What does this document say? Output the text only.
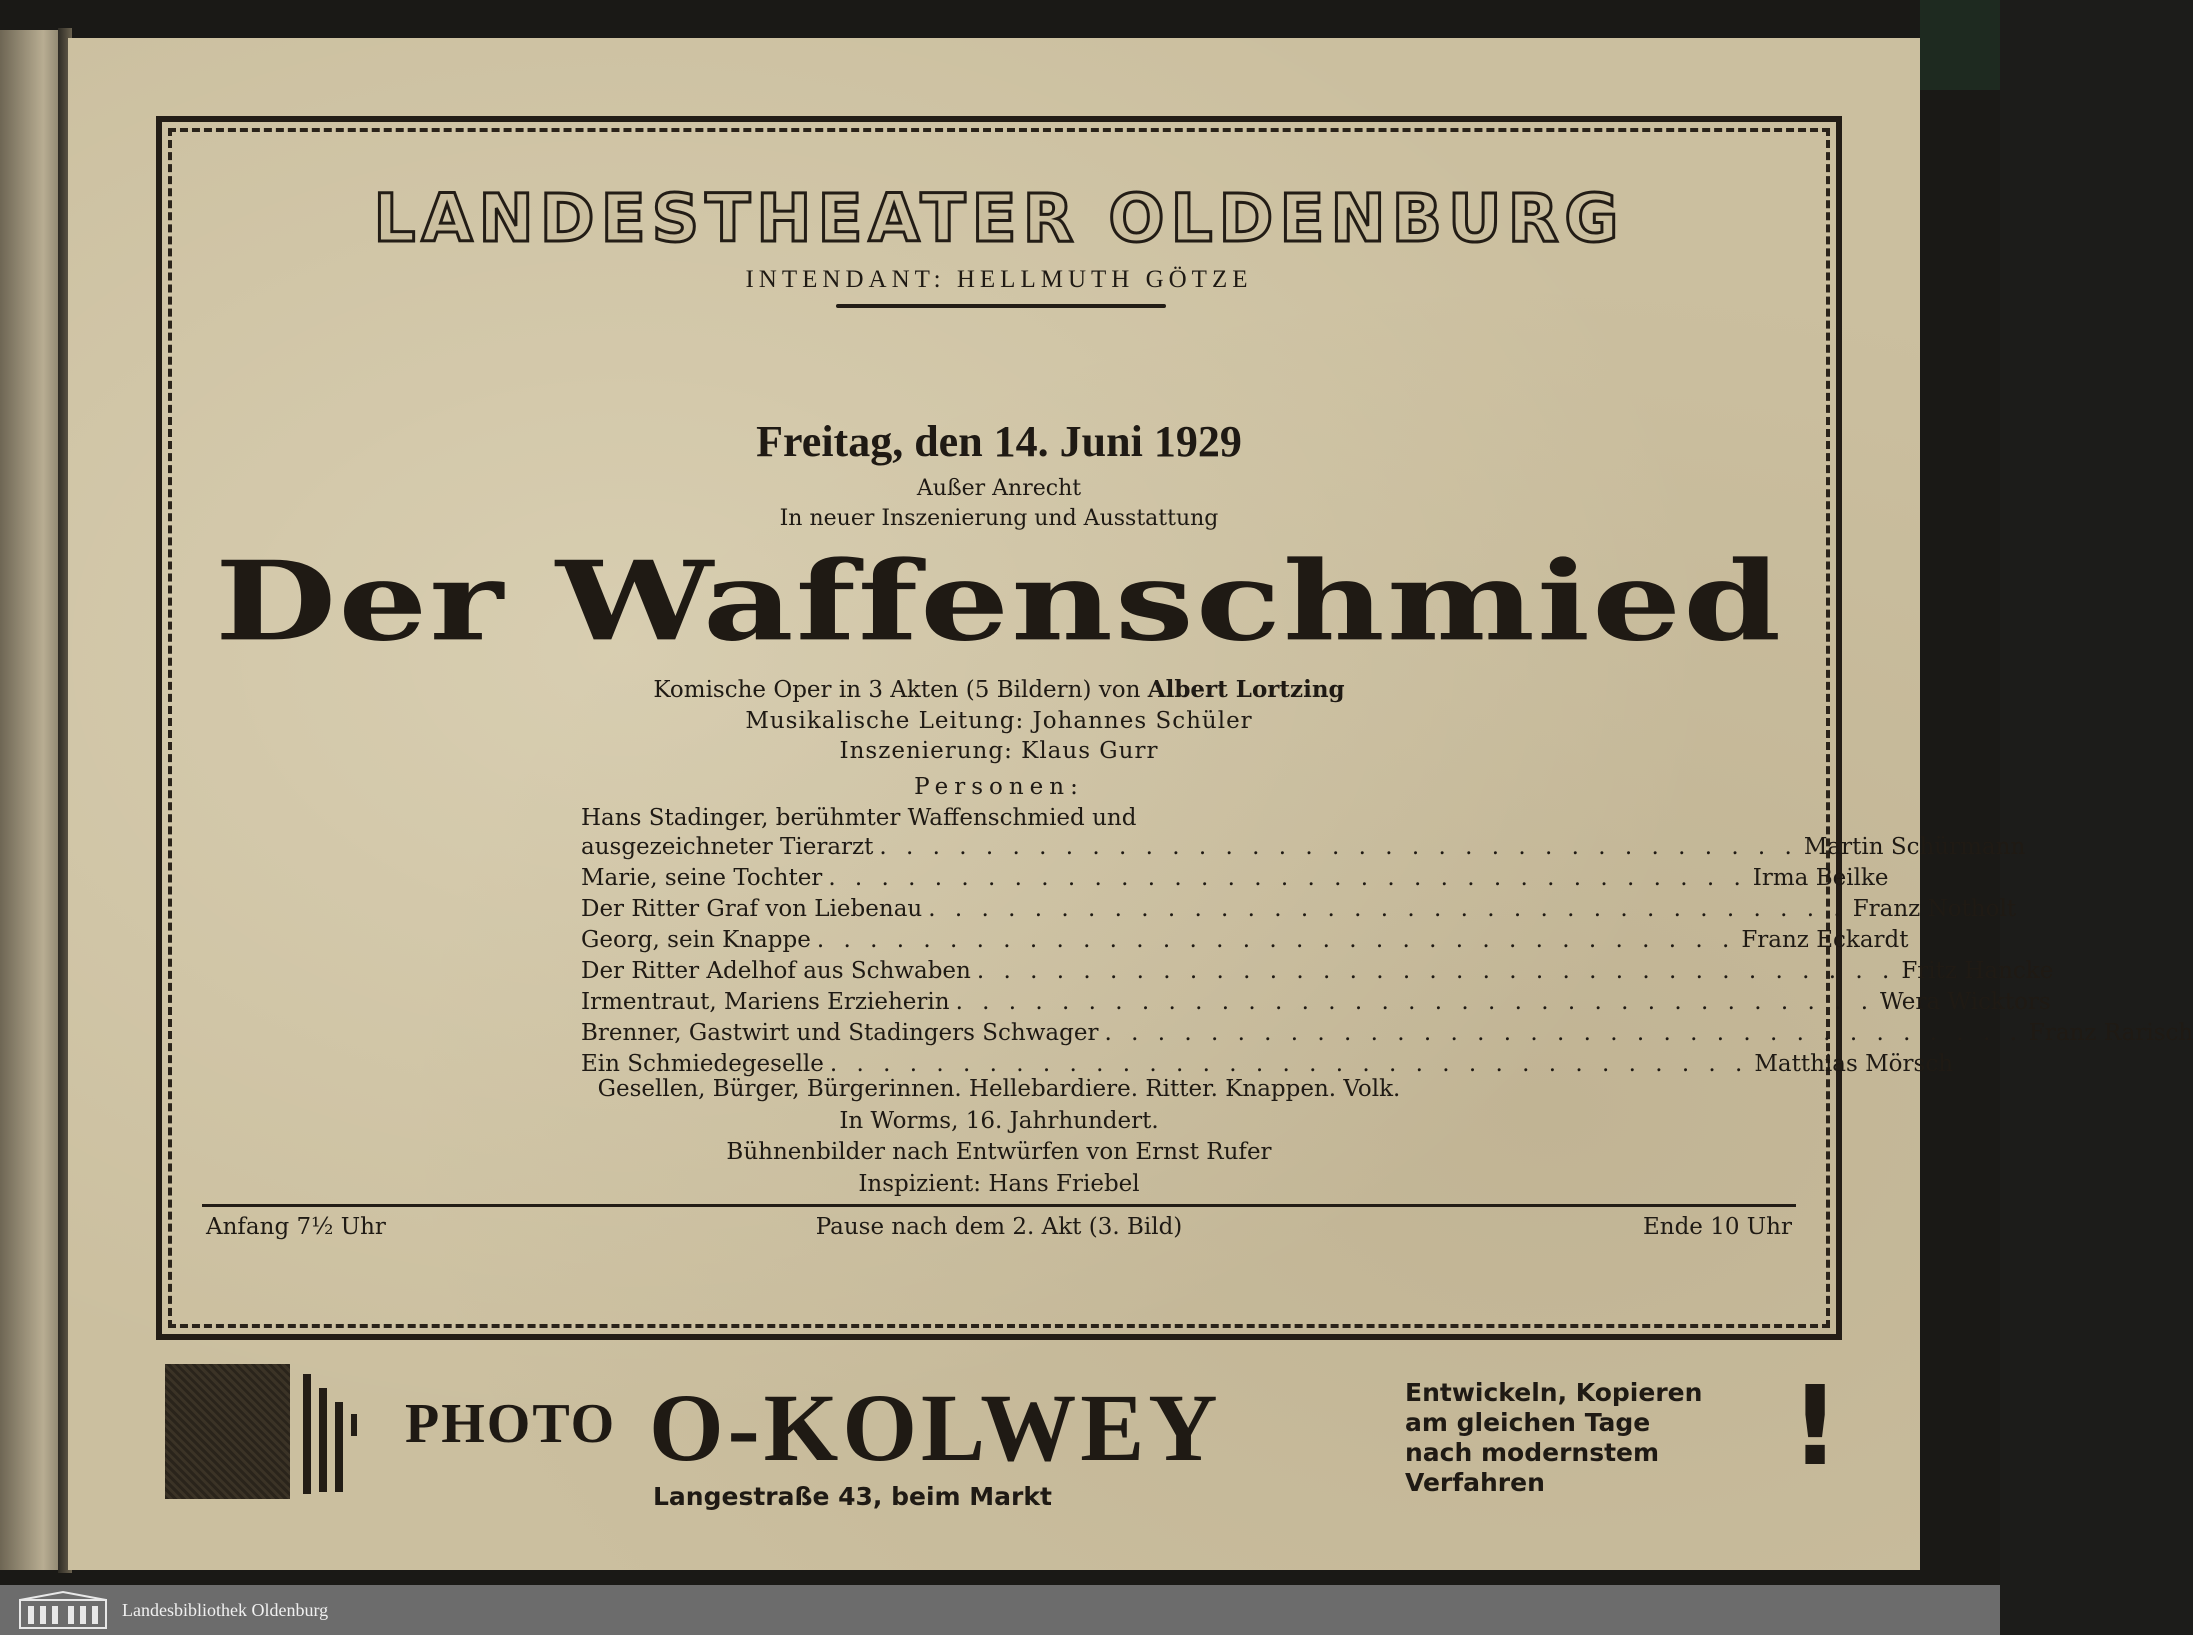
LANDESTHEATER OLDENBURG
INTENDANT: HELLMUTH GÖTZE
Freitag, den 14. Juni 1929
Außer Anrecht
In neuer Inszenierung und Ausstattung
Der Waffenschmied
Komische Oper in 3 Akten (5 Bildern) von Albert Lortzing
Musikalische Leitung: Johannes Schüler
Inszenierung: Klaus Gurr
Personen:
Hans Stadinger, berühmter Waffenschmied und
ausgezeichneter Tierarzt . . . . . . . . . . . . . . . . . . . . . . . . . . . . . . . . . . . Martin Schürmann
Marie, seine Tochter . . . . . . . . . . . . . . . . . . . . . . . . . . . . . . . . . . . Irma Beilke
Der Ritter Graf von Liebenau . . . . . . . . . . . . . . . . . . . . . . . . . . . . . . . . . . . Franz Notholt
Georg, sein Knappe . . . . . . . . . . . . . . . . . . . . . . . . . . . . . . . . . . . Franz Eckardt
Der Ritter Adelhof aus Schwaben . . . . . . . . . . . . . . . . . . . . . . . . . . . . . . . . . . . Fritz Hancke
Irmentraut, Mariens Erzieherin . . . . . . . . . . . . . . . . . . . . . . . . . . . . . . . . . . . Wera Wicktors
Brenner, Gastwirt und Stadingers Schwager . . . . . . . . . . . . . . . . . . . . . . . . . . . . . . . . . . . Franz Rarisch
Ein Schmiedegeselle . . . . . . . . . . . . . . . . . . . . . . . . . . . . . . . . . . . Matthias Mörsch
Gesellen, Bürger, Bürgerinnen. Hellebardiere. Ritter. Knappen. Volk.
In Worms, 16. Jahrhundert.
Bühnenbilder nach Entwürfen von Ernst Rufer
Inspizient: Hans Friebel
Anfang 7½ Uhr	Pause nach dem 2. Akt (3. Bild)	Ende 10 Uhr
PHOTO O-KOLWEY
Langestraße 43, beim Markt
Entwickeln, Kopieren
am gleichen Tage
nach modernstem
Verfahren	!
Landesbibliothek Oldenburg
